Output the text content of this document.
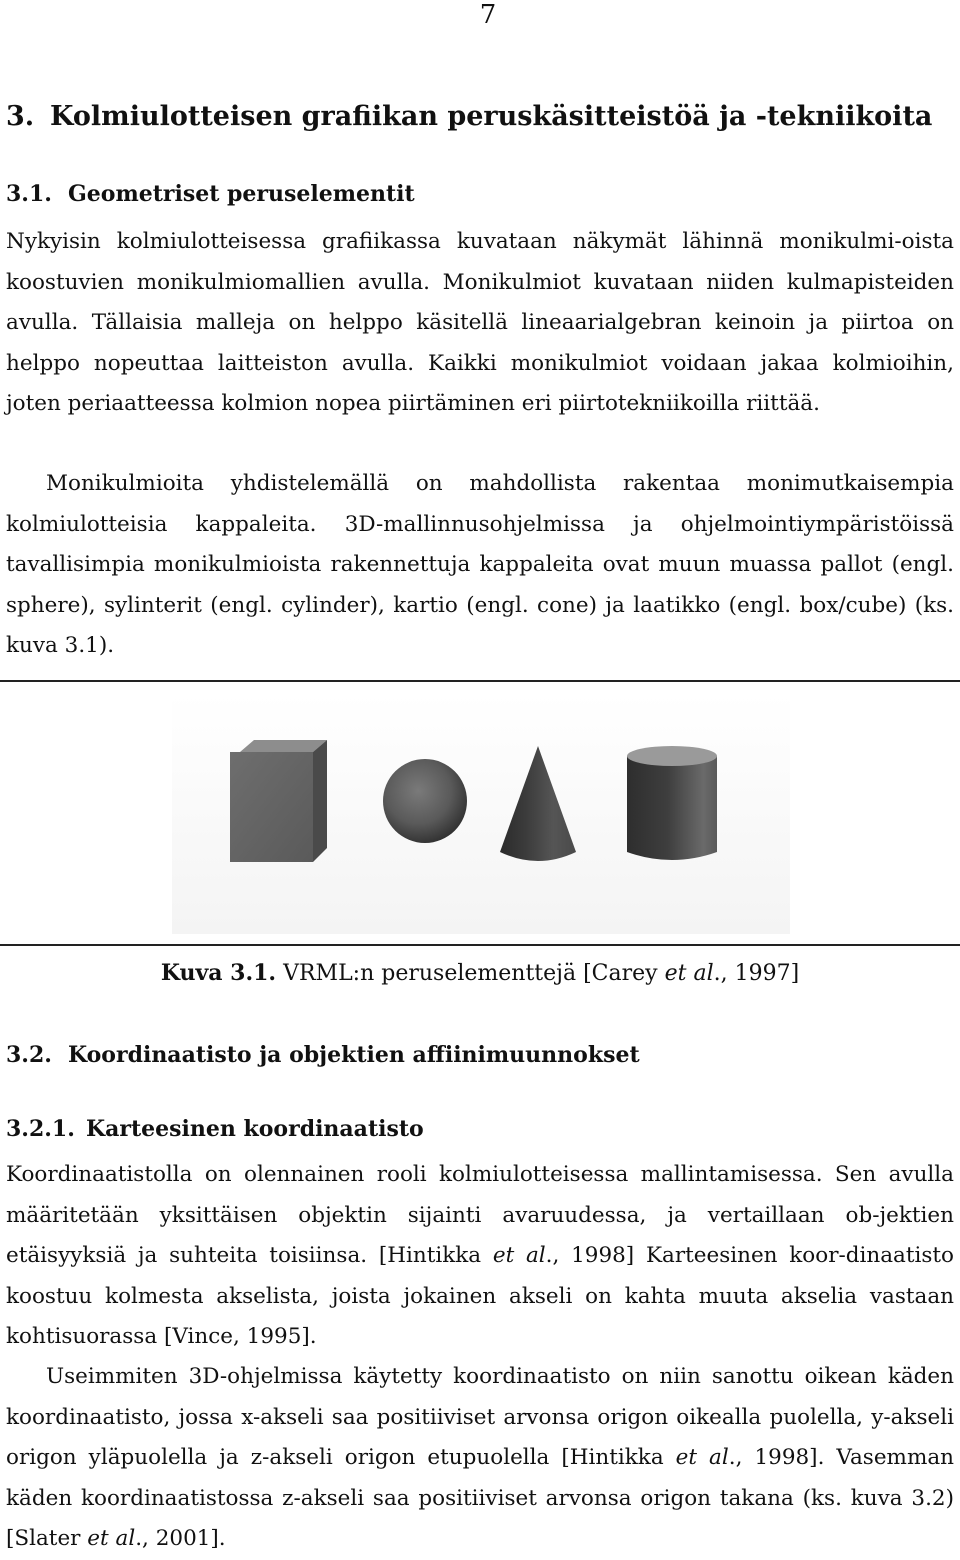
7
3. Kolmiulotteisen grafiikan peruskäsitteistöä ja -tekniikoita
3.1. Geometriset peruselementit
Nykyisin kolmiulotteisessa grafiikassa kuvataan näkymät lähinnä monikulmi-oista koostuvien monikulmiomallien avulla. Monikulmiot kuvataan niiden kulmapisteiden avulla. Tällaisia malleja on helppo käsitellä lineaarialgebran keinoin ja piirtoa on helppo nopeuttaa laitteiston avulla. Kaikki monikulmiot voidaan jakaa kolmioihin, joten periaatteessa kolmion nopea piirtäminen eri piirtotekniikoilla riittää.
Monikulmioita yhdistelemällä on mahdollista rakentaa monimutkaisempia kolmiulotteisia kappaleita. 3D-mallinnusohjelmissa ja ohjelmointiympäristöissä tavallisimpia monikulmioista rakennettuja kappaleita ovat muun muassa pallot (engl. sphere), sylinterit (engl. cylinder), kartio (engl. cone) ja laatikko (engl. box/cube) (ks. kuva 3.1).
Kuva 3.1. VRML:n peruselementtejä [Carey et al., 1997]
3.2. Koordinaatisto ja objektien affiinimuunnokset
3.2.1. Karteesinen koordinaatisto
Koordinaatistolla on olennainen rooli kolmiulotteisessa mallintamisessa. Sen avulla määritetään yksittäisen objektin sijainti avaruudessa, ja vertaillaan ob-jektien etäisyyksiä ja suhteita toisiinsa. [Hintikka et al., 1998] Karteesinen koor-dinaatisto koostuu kolmesta akselista, joista jokainen akseli on kahta muuta akselia vastaan kohtisuorassa [Vince, 1995].
Useimmiten 3D-ohjelmissa käytetty koordinaatisto on niin sanottu oikean käden koordinaatisto, jossa x-akseli saa positiiviset arvonsa origon oikealla puolella, y-akseli origon yläpuolella ja z-akseli origon etupuolella [Hintikka et al., 1998]. Vasemman käden koordinaatistossa z-akseli saa positiiviset arvonsa origon takana (ks. kuva 3.2) [Slater et al., 2001].
